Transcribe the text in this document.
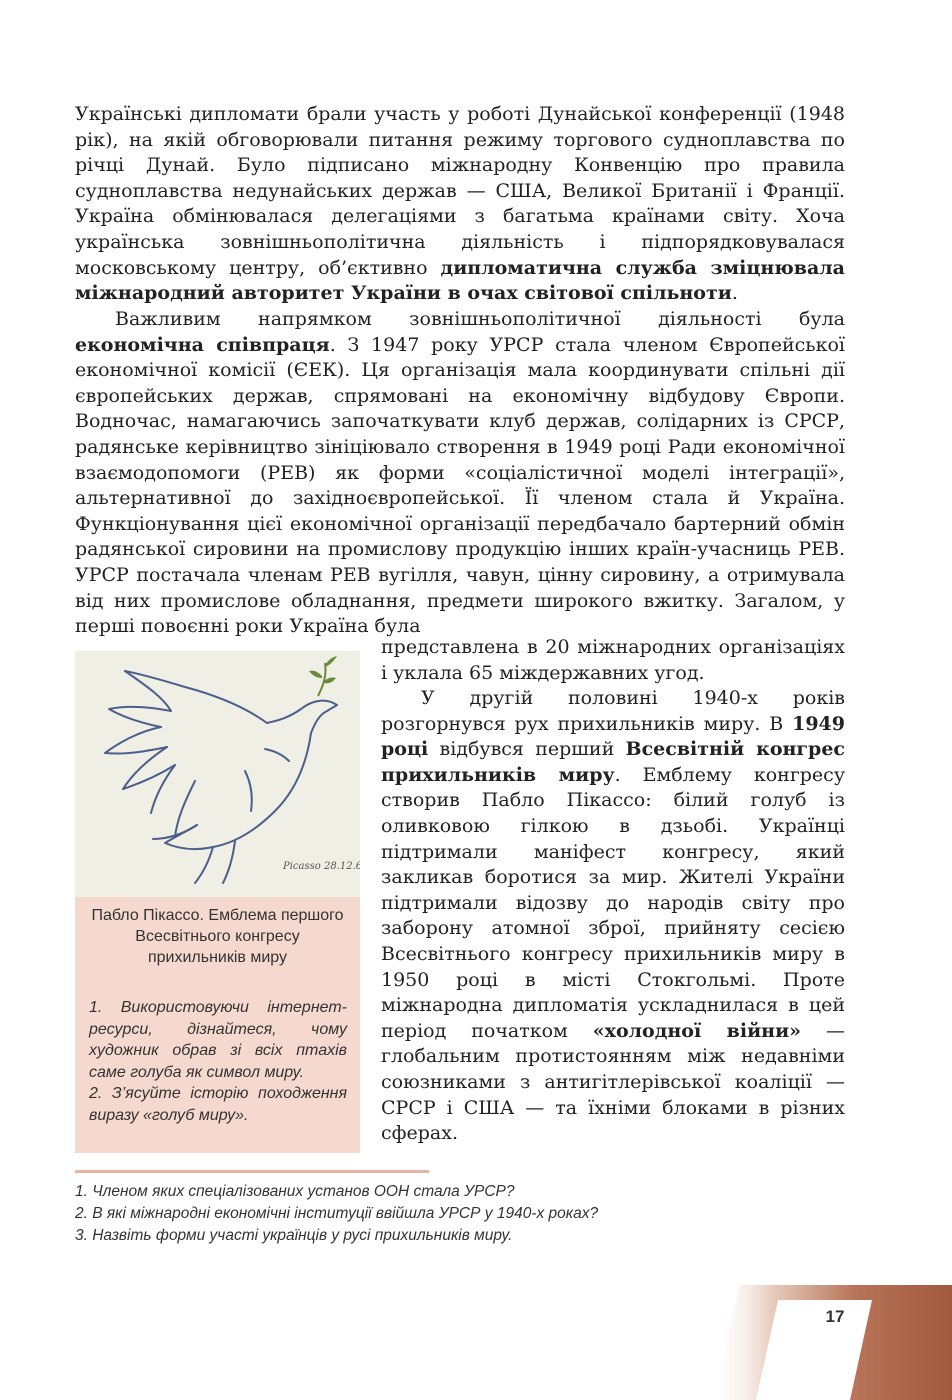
Українські дипломати брали участь у роботі Дунайської конференції (1948 рік), на якій обговорювали питання режиму торгового судноплавства по річці Дунай. Було підписано міжнародну Конвенцію про правила судноплавства недунайських держав — США, Великої Британії і Франції. Україна обмінювалася делегаціями з багатьма країнами світу. Хоча українська зовнішньополітична діяльність і підпорядковувалася московському центру, об’єктивно дипломатична служба зміцнювала міжнародний авторитет України в очах світової спільноти.

Важливим напрямком зовнішньополітичної діяльності була економічна співпраця. З 1947 року УРСР стала членом Європейської економічної комісії (ЄЕК). Ця організація мала координувати спільні дії європейських держав, спрямовані на економічну відбудову Європи. Водночас, намагаючись започаткувати клуб держав, солідарних із СРСР, радянське керівництво зініціювало створення в 1949 році Ради економічної взаємодопомоги (РЕВ) як форми «соціалістичної моделі інтеграції», альтернативної до західноєвропейської. Її членом стала й Україна. Функціонування цієї економічної організації передбачало бартерний обмін радянської сировини на промислову продукцію інших країн-учасниць РЕВ. УРСР постачала членам РЕВ вугілля, чавун, цінну сировину, а отримувала від них промислове обладнання, предмети широкого вжитку. Загалом, у перші повоєнні роки Україна була

представлена в 20 міжнародних організаціях і уклала 65 міждержавних угод.

У другій половині 1940-х років розгорнувся рух прихильників миру. В 1949 році відбувся перший Всесвітній конгрес прихильників миру. Емблему конгресу створив Пабло Пікассо: білий голуб із оливковою гілкою в дзьобі. Українці підтримали маніфест конгресу, який закликав боротися за мир. Жителі України підтримали відозву до народів світу про заборону атомної зброї, прийняту сесією Всесвітнього конгресу прихильників миру в 1950 році в місті Стокгольмі. Проте міжнародна дипломатія ускладнилася в цей період початком «холодної війни» — глобальним протистоянням між недавніми союзниками з антигітлерівської коаліції — СРСР і США — та їхніми блоками в різних сферах.

Picasso 28.12.61
Пабло Пікассо. Емблема першого Всесвітнього конгресу прихильників миру
1. Використовуючи інтернет-ресурси, дізнайтеся, чому художник обрав зі всіх птахів саме голуба як символ миру.
2. З’ясуйте історію походження виразу «голуб миру».
1. Членом яких спеціалізованих установ ООН стала УРСР?
2. В які міжнародні економічні інституції ввійшла УРСР у 1940-х роках?
3. Назвіть форми участі українців у русі прихильників миру.
17
